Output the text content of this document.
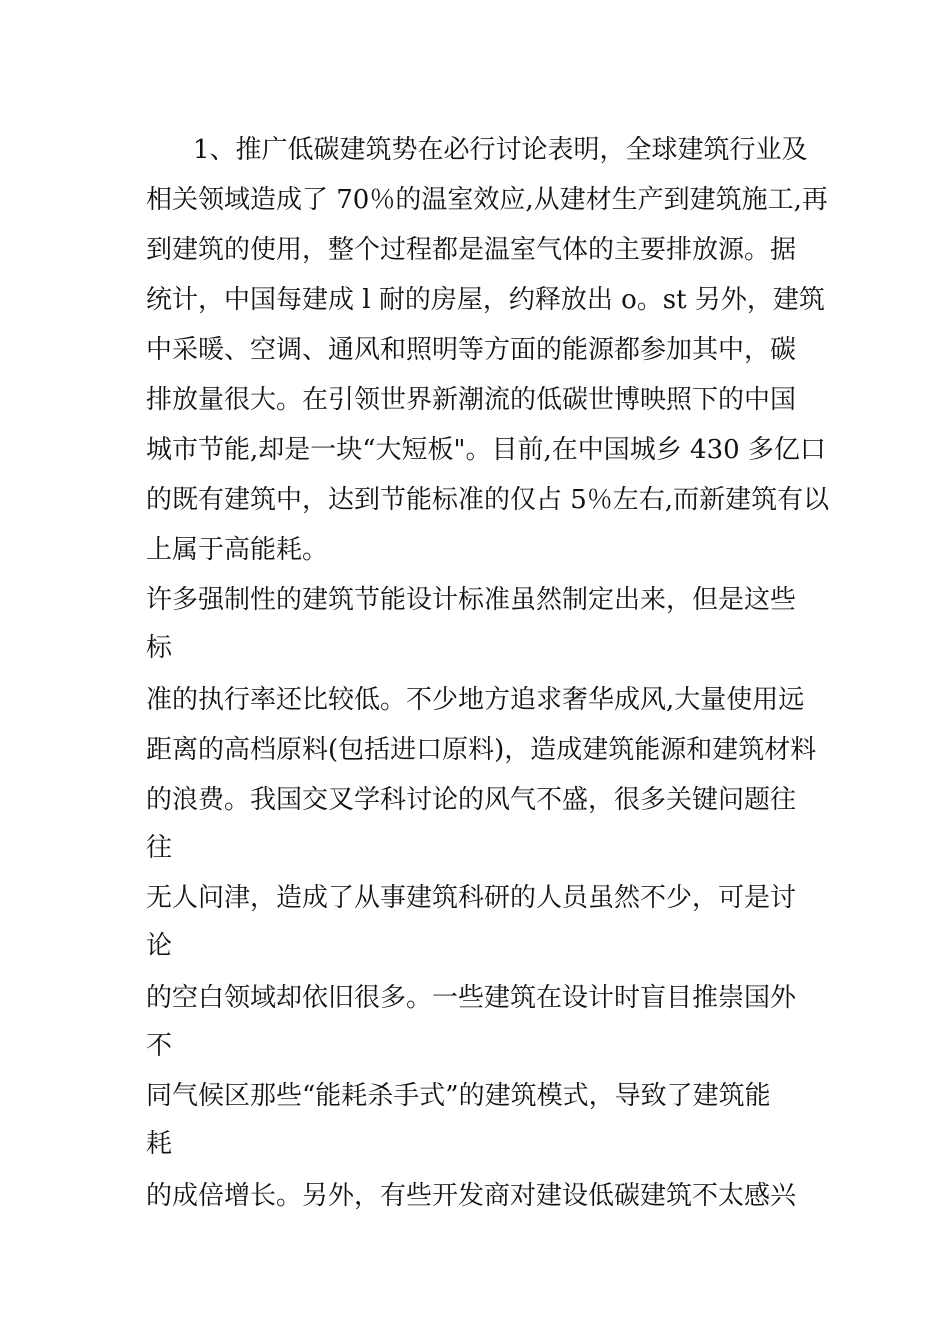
1、推广低碳建筑势在必行讨论表明，全球建筑行业及
相关领域造成了 70％的温室效应,从建材生产到建筑施工,再
到建筑的使用，整个过程都是温室气体的主要排放源。据
统计，中国每建成 l 耐的房屋，约释放出 o。st 另外，建筑
中采暖、空调、通风和照明等方面的能源都参加其中，碳
排放量很大。在引领世界新潮流的低碳世博映照下的中国
城市节能,却是一块“大短板"。目前,在中国城乡 430 多亿口
的既有建筑中，达到节能标准的仅占 5％左右,而新建筑有以
上属于高能耗。
许多强制性的建筑节能设计标准虽然制定出来，但是这些
标
准的执行率还比较低。不少地方追求奢华成风,大量使用远
距离的高档原料(包括进口原料)，造成建筑能源和建筑材料
的浪费。我国交叉学科讨论的风气不盛，很多关键问题往
往
无人问津，造成了从事建筑科研的人员虽然不少，可是讨
论
的空白领域却依旧很多。一些建筑在设计时盲目推崇国外
不
同气候区那些“能耗杀手式”的建筑模式，导致了建筑能
耗
的成倍增长。另外，有些开发商对建设低碳建筑不太感兴
